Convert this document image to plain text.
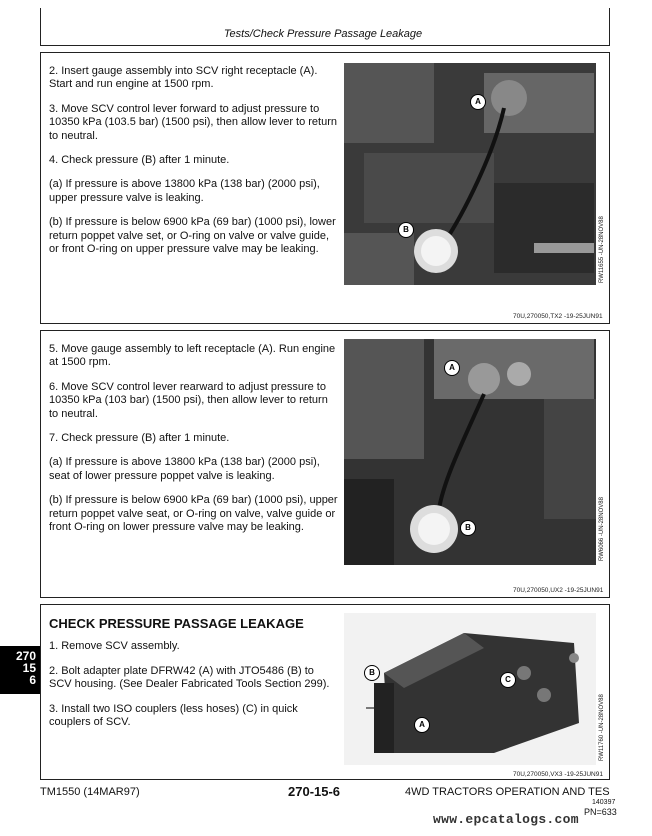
Tests/Check Pressure Passage Leakage

2. Insert gauge assembly into SCV right receptacle (A). Start and run engine at 1500 rpm.

3. Move SCV control lever forward to adjust pressure to 10350 kPa (103.5 bar) (1500 psi), then allow lever to return to neutral.

4. Check pressure (B) after 1 minute.

(a) If pressure is above 13800 kPa (138 bar) (2000 psi), upper pressure valve is leaking.

(b) If pressure is below 6900 kPa (69 bar) (1000 psi), lower return poppet valve set, or O-ring on valve or valve guide, or front O-ring on upper pressure valve may be leaking.

A
B	RW11655 -UN-28NOV88
70U,270050,TX2 -19-25JUN91

5. Move gauge assembly to left receptacle (A). Run engine at 1500 rpm.

6. Move SCV control lever rearward to adjust pressure to 10350 kPa (103 bar) (1500 psi), then allow lever to return to neutral.

7. Check pressure (B) after 1 minute.

(a) If pressure is above 13800 kPa (138 bar) (2000 psi), seat of lower pressure poppet valve is leaking.

(b) If pressure is below 6900 kPa (69 bar) (1000 psi), upper return poppet valve seat, or O-ring on valve, valve guide or front O-ring on lower pressure valve may be leaking.

A
B	RW6066 -UN-28NOV88
70U,270050,UX2 -19-25JUN91
CHECK PRESSURE PASSAGE LEAKAGE

1. Remove SCV assembly.

2. Bolt adapter plate DFRW42 (A) with JTO5486 (B) to SCV housing. (See Dealer Fabricated Tools Section 299).

3. Install two ISO couplers (less hoses) (C) in quick couplers of SCV.

B
C
A	RW11760 -UN-28NOV88
70U,270050,VX3 -19-25JUN91
270
15
6
TM1550 (14MAR97)	270-15-6	4WD TRACTORS OPERATION AND TES
140397
PN=633
www.epcatalogs.com
